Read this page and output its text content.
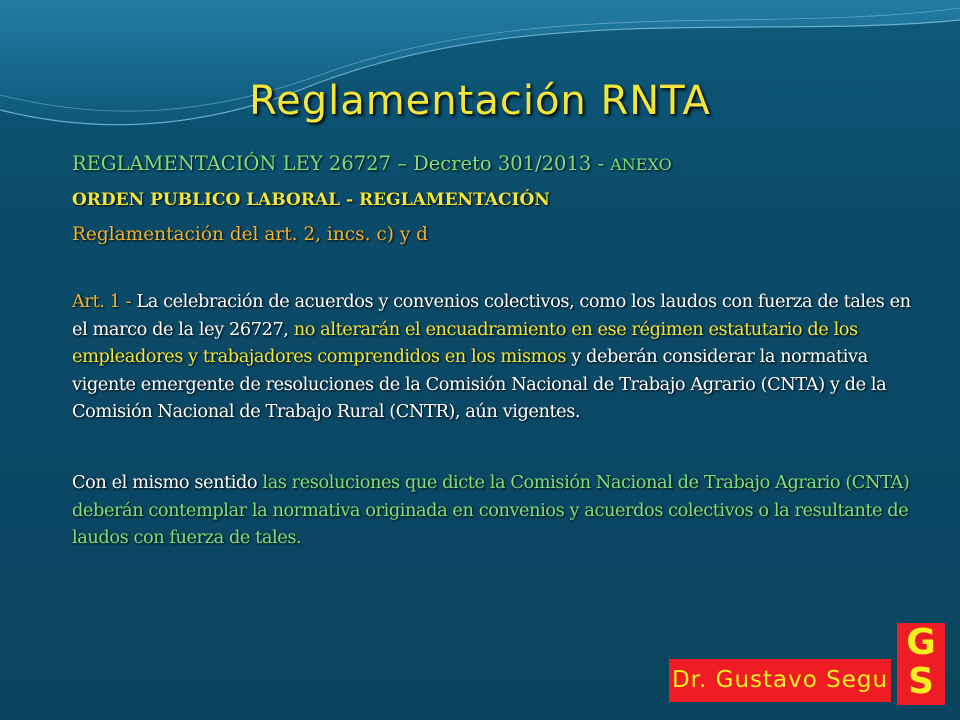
Reglamentación RNTA
REGLAMENTACIÓN LEY 26727 – Decreto 301/2013 - ANEXO
ORDEN PUBLICO LABORAL - REGLAMENTACIÓN
Reglamentación del art. 2, incs. c) y d
Art. 1 - La celebración de acuerdos y convenios colectivos, como los laudos con fuerza de tales en el marco de la ley 26727, no alterarán el encuadramiento en ese régimen estatutario de los empleadores y trabajadores comprendidos en los mismos y deberán considerar la normativa vigente emergente de resoluciones de la Comisión Nacional de Trabajo Agrario (CNTA) y de la Comisión Nacional de Trabajo Rural (CNTR), aún vigentes.
Con el mismo sentido las resoluciones que dicte la Comisión Nacional de Trabajo Agrario (CNTA) deberán contemplar la normativa originada en convenios y acuerdos colectivos o la resultante de laudos con fuerza de tales.
Dr. Gustavo Segu
G
S
